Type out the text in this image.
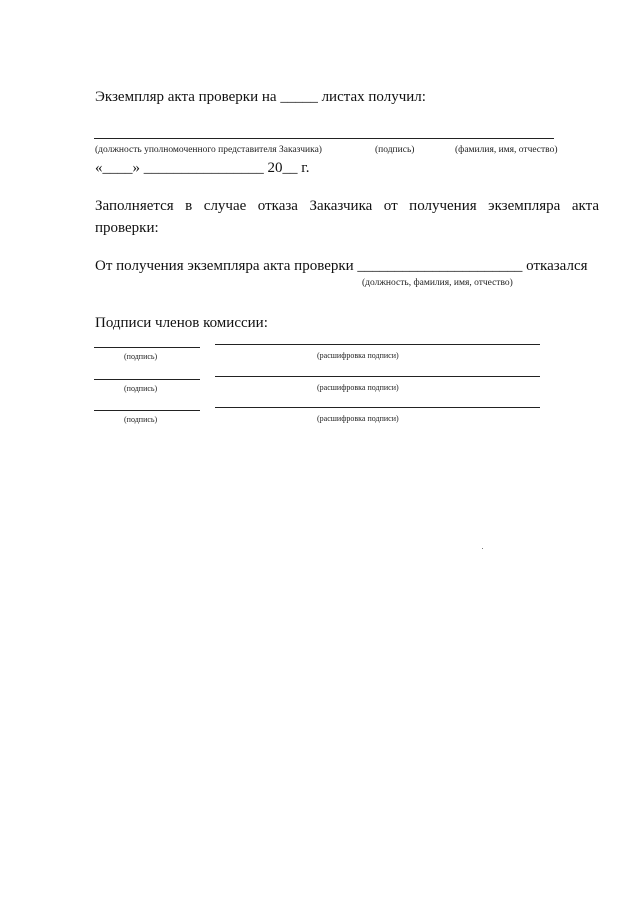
Экземпляр акта проверки на _____ листах получил:
(должность уполномоченного представителя Заказчика)	(подпись)	(фамилия, имя, отчество)
«____» ________________ 20__ г.
Заполняется в случае отказа Заказчика от получения экземпляра акта
проверки:
От получения экземпляра акта проверки ______________________ отказался
(должность, фамилия, имя, отчество)
Подписи членов комиссии:
(подпись)	(расшифровка подписи)
(подпись)	(расшифровка подписи)
(подпись)	(расшифровка подписи)
